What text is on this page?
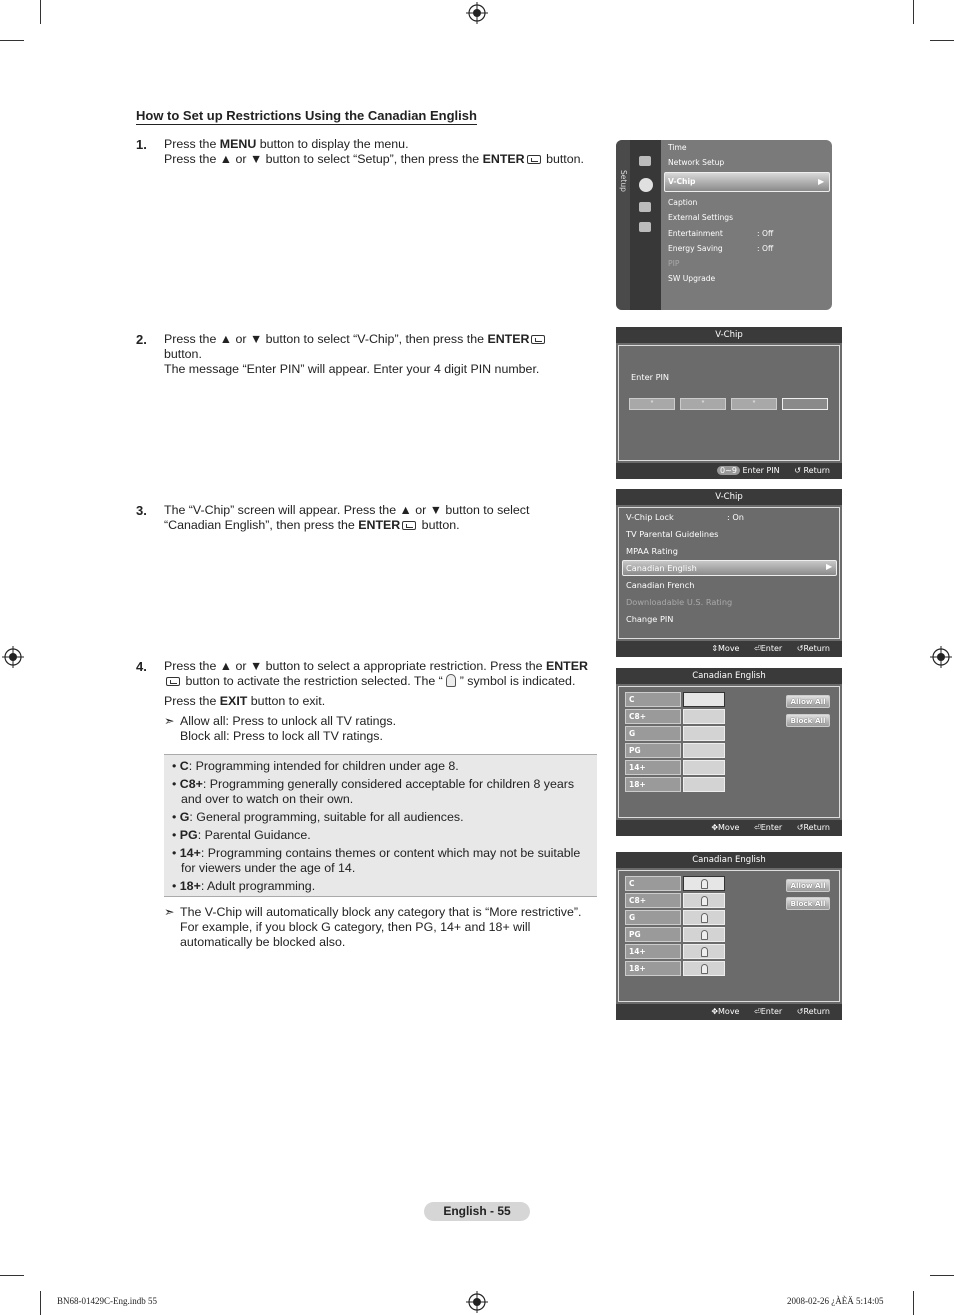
How to Set up Restrictions Using the Canadian English
1. Press the MENU button to display the menu.
Press the ▲ or ▼ button to select “Setup”, then press the ENTER button.
2. Press the ▲ or ▼ button to select “V-Chip”, then press the ENTER
button.
The message “Enter PIN” will appear. Enter your 4 digit PIN number.
3. The “V-Chip” screen will appear. Press the ▲ or ▼ button to select
“Canadian English”, then press the ENTER button.
4. Press the ▲ or ▼ button to select a appropriate restriction. Press the ENTER
button to activate the restriction selected. The “  ” symbol is indicated.
Press the EXIT button to exit.
➣ Allow all: Press to unlock all TV ratings.
Block all: Press to lock all TV ratings.
• C: Programming intended for children under age 8.
• C8+: Programming generally considered acceptable for children 8 years and over to watch on their own.
• G: General programming, suitable for all audiences.
• PG: Parental Guidance.
• 14+: Programming contains themes or content which may not be suitable for viewers under the age of 14.
• 18+: Adult programming.
➣ The V-Chip will automatically block any category that is “More restrictive”.
For example, if you block G category, then PG, 14+ and 18+ will
automatically be blocked also.
Setup
Time
Network Setup
V-Chip	▶
Caption
External Settings
Entertainment	: Off
Energy Saving	: Off
PIP
SW Upgrade
V-Chip
Enter PIN
0~9 Enter PIN ↺ Return
*	*	*
V-Chip
▶
⇕Move ⏎Enter ↺Return
V-Chip Lock	: On
TV Parental Guidelines
MPAA Rating
Canadian English
Canadian French
Downloadable U.S. Rating
Change PIN
Canadian English
Allow All
Block All
✥Move ⏎Enter ↺Return
C
C8+
G
PG
14+
18+
Canadian English
Allow All
Block All
✥Move ⏎Enter ↺Return
C
C8+
G
PG
14+
18+
English - 55
BN68-01429C-Eng.indb 55	2008-02-26 ¿ÀÈÄ 5:14:05
